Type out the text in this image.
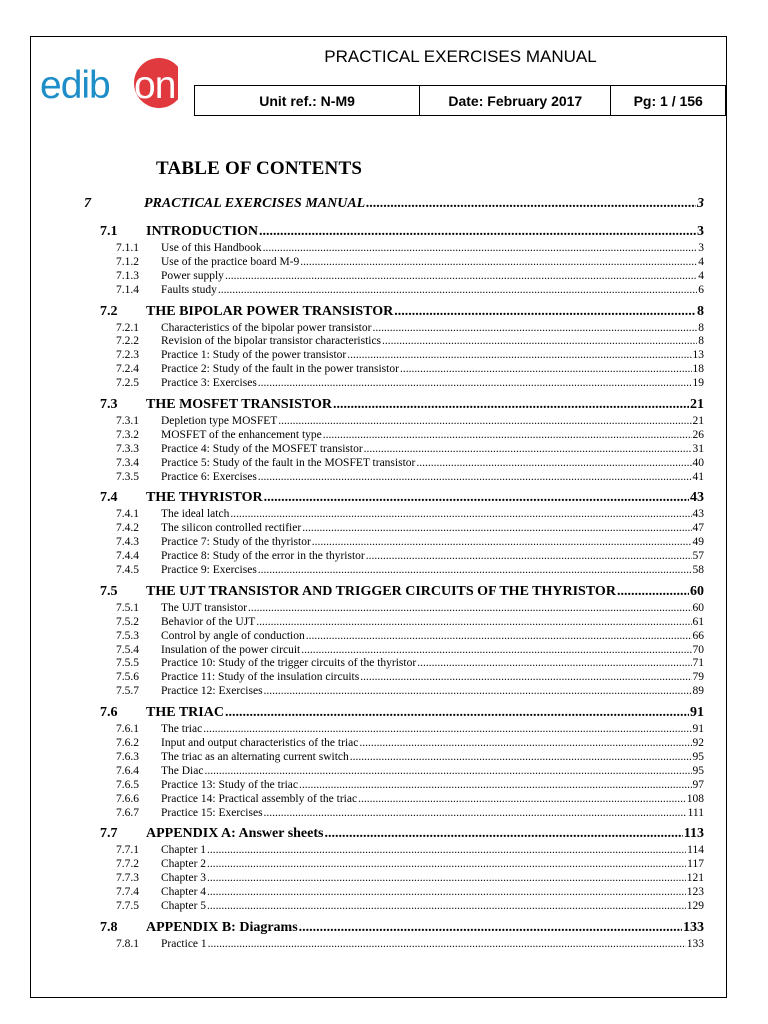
edib on
PRACTICAL EXERCISES MANUAL
Unit ref.: N-M9	Date: February 2017	Pg: 1 / 156
TABLE OF CONTENTS
7	PRACTICAL EXERCISES MANUAL .....	3
7.1	INTRODUCTION .....	3
7.1.1	Use of this Handbook .....	3
7.1.2	Use of the practice board M-9 .....	4
7.1.3	Power supply .....	4
7.1.4	Faults study .....	6
7.2	THE BIPOLAR POWER TRANSISTOR .....	8
7.2.1	Characteristics of the bipolar power transistor .....	8
7.2.2	Revision of the bipolar transistor characteristics .....	8
7.2.3	Practice 1: Study of the power transistor .....	13
7.2.4	Practice 2: Study of the fault in the power transistor .....	18
7.2.5	Practice 3: Exercises .....	19
7.3	THE MOSFET TRANSISTOR .....	21
7.3.1	Depletion type MOSFET .....	21
7.3.2	MOSFET of the enhancement type .....	26
7.3.3	Practice 4: Study of the MOSFET transistor .....	31
7.3.4	Practice 5: Study of the fault in the MOSFET transistor .....	40
7.3.5	Practice 6: Exercises .....	41
7.4	THE THYRISTOR .....	43
7.4.1	The ideal latch .....	43
7.4.2	The silicon controlled rectifier .....	47
7.4.3	Practice 7: Study of the thyristor .....	49
7.4.4	Practice 8: Study of the error in the thyristor .....	57
7.4.5	Practice 9: Exercises .....	58
7.5	THE UJT TRANSISTOR AND TRIGGER CIRCUITS OF THE THYRISTOR .....	60
7.5.1	The UJT transistor .....	60
7.5.2	Behavior of the UJT .....	61
7.5.3	Control by angle of conduction .....	66
7.5.4	Insulation of the power circuit .....	70
7.5.5	Practice 10: Study of the trigger circuits of the thyristor .....	71
7.5.6	Practice 11: Study of the insulation circuits .....	79
7.5.7	Practice 12: Exercises .....	89
7.6	THE TRIAC .....	91
7.6.1	The triac .....	91
7.6.2	Input and output characteristics of the triac .....	92
7.6.3	The triac as an alternating current switch .....	95
7.6.4	The Diac .....	95
7.6.5	Practice 13: Study of the triac .....	97
7.6.6	Practice 14: Practical assembly of the triac .....	108
7.6.7	Practice 15: Exercises .....	111
7.7	APPENDIX A: Answer sheets .....	113
7.7.1	Chapter 1 .....	114
7.7.2	Chapter 2 .....	117
7.7.3	Chapter 3 .....	121
7.7.4	Chapter 4 .....	123
7.7.5	Chapter 5 .....	129
7.8	APPENDIX B: Diagrams .....	133
7.8.1	Practice 1 .....	133
